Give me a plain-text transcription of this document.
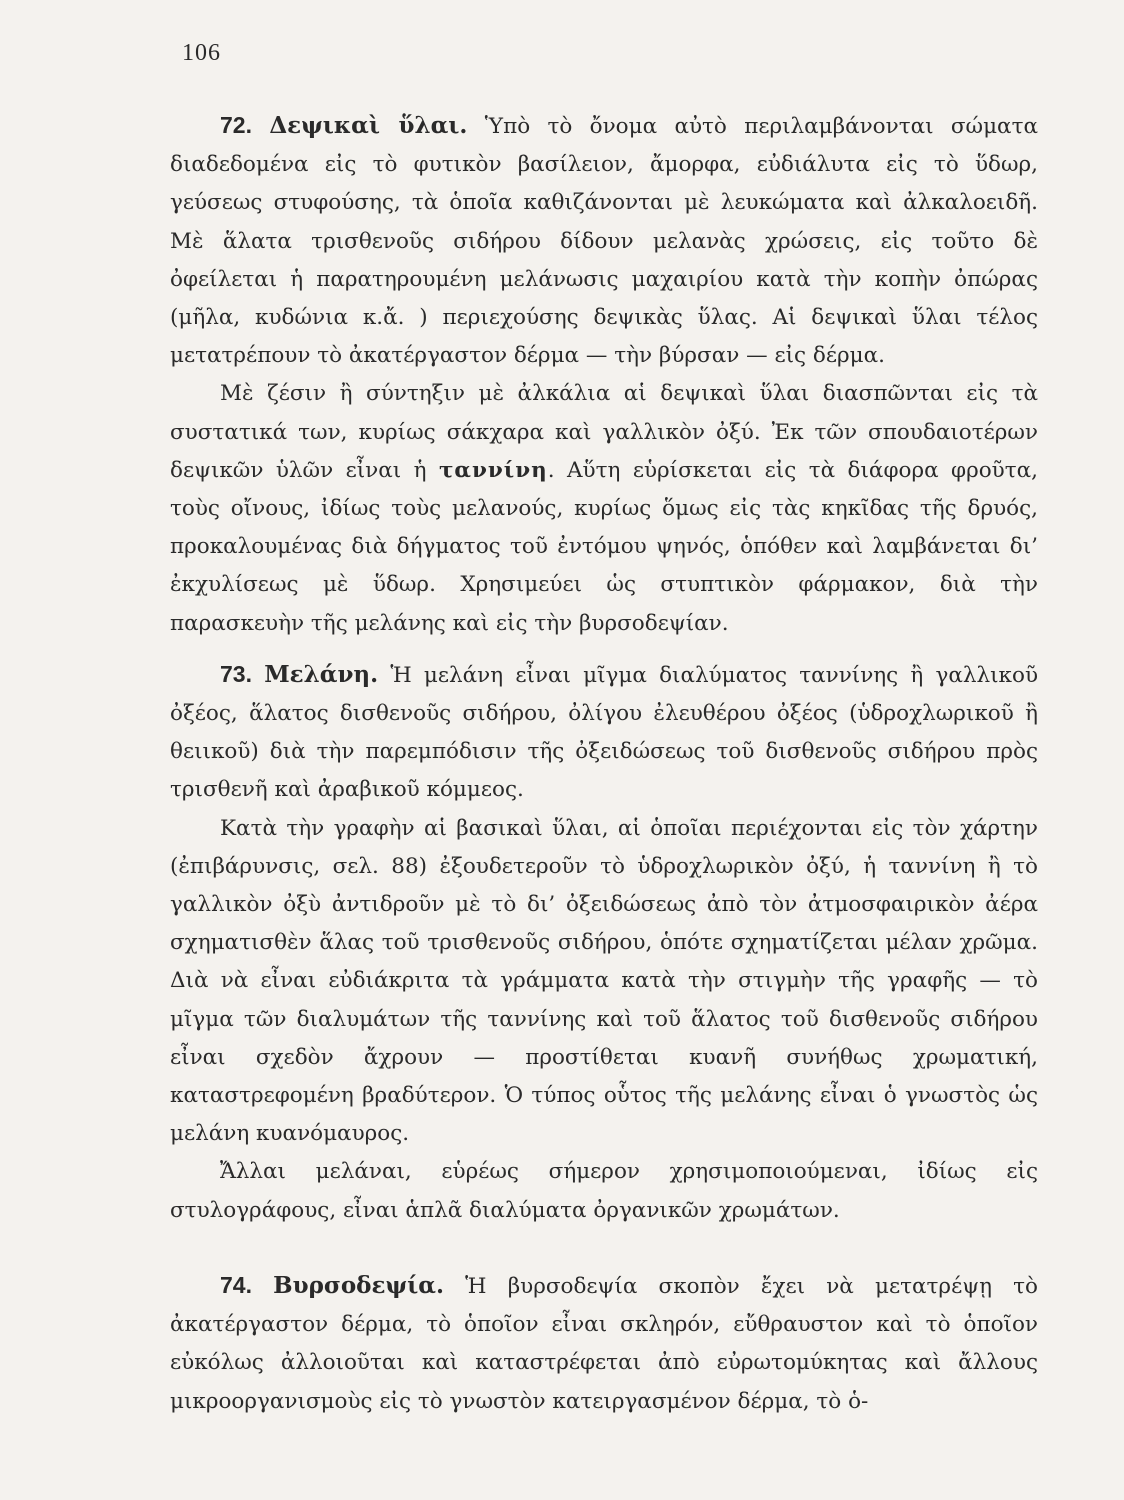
106

72. Δεψικαὶ ὕλαι. Ὑπὸ τὸ ὄνομα αὐτὸ περιλαμβάνονται σώματα διαδεδομένα εἰς τὸ φυτικὸν βασίλειον, ἄμορφα, εὐδιάλυτα εἰς τὸ ὕδωρ, γεύσεως στυφούσης, τὰ ὁποῖα καθιζάνονται μὲ λευκώματα καὶ ἀλκαλοειδῆ. Μὲ ἅλατα τρισθενοῦς σιδήρου δίδουν μελανὰς χρώσεις, εἰς τοῦτο δὲ ὀφείλεται ἡ παρατηρουμένη μελάνωσις μαχαιρίου κατὰ τὴν κοπὴν ὀπώρας (μῆλα, κυδώνια κ.ἄ. ) περιεχούσης δεψικὰς ὕλας. Αἱ δεψικαὶ ὕλαι τέλος μετατρέπουν τὸ ἀκατέργαστον δέρμα — τὴν βύρσαν — εἰς δέρμα.

Μὲ ζέσιν ἢ σύντηξιν μὲ ἀλκάλια αἱ δεψικαὶ ὕλαι διασπῶνται εἰς τὰ συστατικά των, κυρίως σάκχαρα καὶ γαλλικὸν ὀξύ. Ἐκ τῶν σπουδαιοτέρων δεψικῶν ὑλῶν εἶναι ἡ ταννίνη. Αὕτη εὑρίσκεται εἰς τὰ διάφορα φροῦτα, τοὺς οἴνους, ἰδίως τοὺς μελανούς, κυρίως ὅμως εἰς τὰς κηκῖδας τῆς δρυός, προκαλουμένας διὰ δήγματος τοῦ ἐντόμου ψηνός, ὁπόθεν καὶ λαμβάνεται δι’ ἐκχυλίσεως μὲ ὕδωρ. Χρησιμεύει ὡς στυπτικὸν φάρμακον, διὰ τὴν παρασκευὴν τῆς μελάνης καὶ εἰς τὴν βυρσοδεψίαν.

73. Μελάνη. Ἡ μελάνη εἶναι μῖγμα διαλύματος ταννίνης ἢ γαλλικοῦ ὀξέος, ἅλατος δισθενοῦς σιδήρου, ὀλίγου ἐλευθέρου ὀξέος (ὑδροχλωρικοῦ ἢ θειικοῦ) διὰ τὴν παρεμπόδισιν τῆς ὀξειδώσεως τοῦ δισθενοῦς σιδήρου πρὸς τρισθενῆ καὶ ἀραβικοῦ κόμμεος.

Κατὰ τὴν γραφὴν αἱ βασικαὶ ὕλαι, αἱ ὁποῖαι περιέχονται εἰς τὸν χάρτην (ἐπιβάρυνσις, σελ. 88) ἐξουδετεροῦν τὸ ὑδροχλωρικὸν ὀξύ, ἡ ταννίνη ἢ τὸ γαλλικὸν ὀξὺ ἀντιδροῦν μὲ τὸ δι’ ὀξειδώσεως ἀπὸ τὸν ἀτμοσφαιρικὸν ἀέρα σχηματισθὲν ἅλας τοῦ τρισθενοῦς σιδήρου, ὁπότε σχηματίζεται μέλαν χρῶμα. Διὰ νὰ εἶναι εὐδιάκριτα τὰ γράμματα κατὰ τὴν στιγμὴν τῆς γραφῆς — τὸ μῖγμα τῶν διαλυμάτων τῆς ταννίνης καὶ τοῦ ἅλατος τοῦ δισθενοῦς σιδήρου εἶναι σχεδὸν ἄχρουν — προστίθεται κυανῆ συνήθως χρωματική, καταστρεφομένη βραδύτερον. Ὁ τύπος οὗτος τῆς μελάνης εἶναι ὁ γνωστὸς ὡς μελάνη κυανόμαυρος.

Ἄλλαι μελάναι, εὑρέως σήμερον χρησιμοποιούμεναι, ἰδίως εἰς στυλογράφους, εἶναι ἁπλᾶ διαλύματα ὀργανικῶν χρωμάτων.

74. Βυρσοδεψία. Ἡ βυρσοδεψία σκοπὸν ἔχει νὰ μετατρέψῃ τὸ ἀκατέργαστον δέρμα, τὸ ὁποῖον εἶναι σκληρόν, εὔθραυστον καὶ τὸ ὁποῖον εὐκόλως ἀλλοιοῦται καὶ καταστρέφεται ἀπὸ εὐρωτομύκητας καὶ ἄλλους μικροοργανισμοὺς εἰς τὸ γνωστὸν κατειργασμένον δέρμα, τὸ ὁ-
